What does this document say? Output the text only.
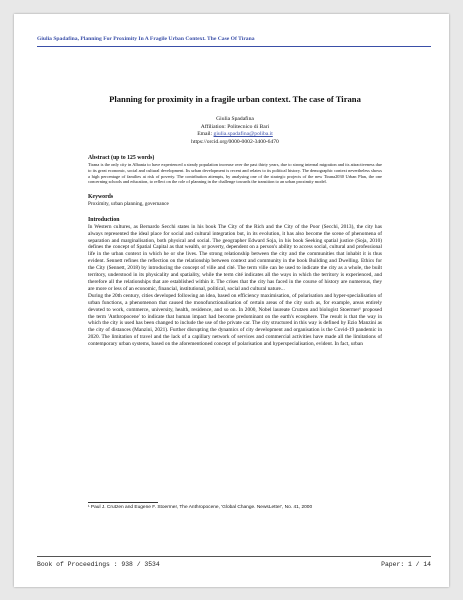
Giulia Spadafina, Planning For Proximity In A Fragile Urban Context. The Case Of Tirana
Planning for proximity in a fragile urban context. The case of Tirana
Giulia Spadafina
Affiliation: Politecnico di Bari
Email: giulia.spadafina@poliba.it
https://orcid.org/0000-0002-3400-6470
Abstract (up to 125 words)
Tirana is the only city in Albania to have experienced a steady population increase over the past thirty years, due to strong internal migration and its attractiveness due to its great economic, social and cultural development. Its urban development is recent and relates to its political history. The demographic context nevertheless shows a high percentage of families at risk of poverty. The contribution attempts, by analysing one of the strategic projects of the new Tirana2030 Urban Plan, the one concerning schools and education, to reflect on the role of planning in the challenge towards the transition to an urban proximity model.
Keywords
Proximity, urban planning, governance
Introduction

In Western cultures, as Bernardo Secchi states in his book The City of the Rich and the City of the Poor (Secchi, 2013), the city has always represented the ideal place for social and cultural integration but, in its evolution, it has also become the scene of phenomena of separation and marginalisation, both physical and social. The geographer Edward Soja, in his book Seeking spatial justice (Soja, 2010) defines the concept of Spatial Capital as that wealth, or poverty, dependent on a person's ability to access social, cultural and professional life in the urban context in which he or she lives. The strong relationship between the city and the communities that inhabit it is thus evident. Sennett refines the reflection on the relationship between context and community in the book Building and Dwelling. Ethics for the City (Sennett, 2018) by introducing the concept of ville and cité. The term ville can be used to indicate the city as a whole, the built territory, understood in its physicality and spatiality, while the term cité indicates all the ways in which the territory is experienced, and therefore all the relationships that are established within it. The crises that the city has faced in the course of history are numerous, they are more or less of an economic, financial, institutional, political, social and cultural nature...

During the 20th century, cities developed following an idea, based on efficiency maximisation, of polarisation and hyper-specialisation of urban functions, a phenomenon that caused the monofunctionalisation of certain areas of the city such as, for example, areas entirely devoted to work, commerce, university, health, residence, and so on. In 2000, Nobel laureate Crutzen and biologist Stoermer¹ proposed the term 'Anthropocene' to indicate that human impact had become predominant on the earth's ecosphere. The result is that the way in which the city is used has been changed to include the use of the private car. The city structured in this way is defined by Ezio Manzini as the city of distances (Manzini, 2021). Further disrupting the dynamics of city development and organisation is the Covid-19 pandemic in 2020. The limitation of travel and the lack of a capillary network of services and commercial activities have made all the limitations of contemporary urban systems, based on the aforementioned concept of polarisation and hyperspecialisation, evident. In fact, urban

¹ Paul J. Crutzen and Eugene F. Stoermer, The Anthropocene, 'Global Change. NewsLetter', No. 41, 2000
Book of Proceedings : 938 / 3534	Paper: 1 / 14
